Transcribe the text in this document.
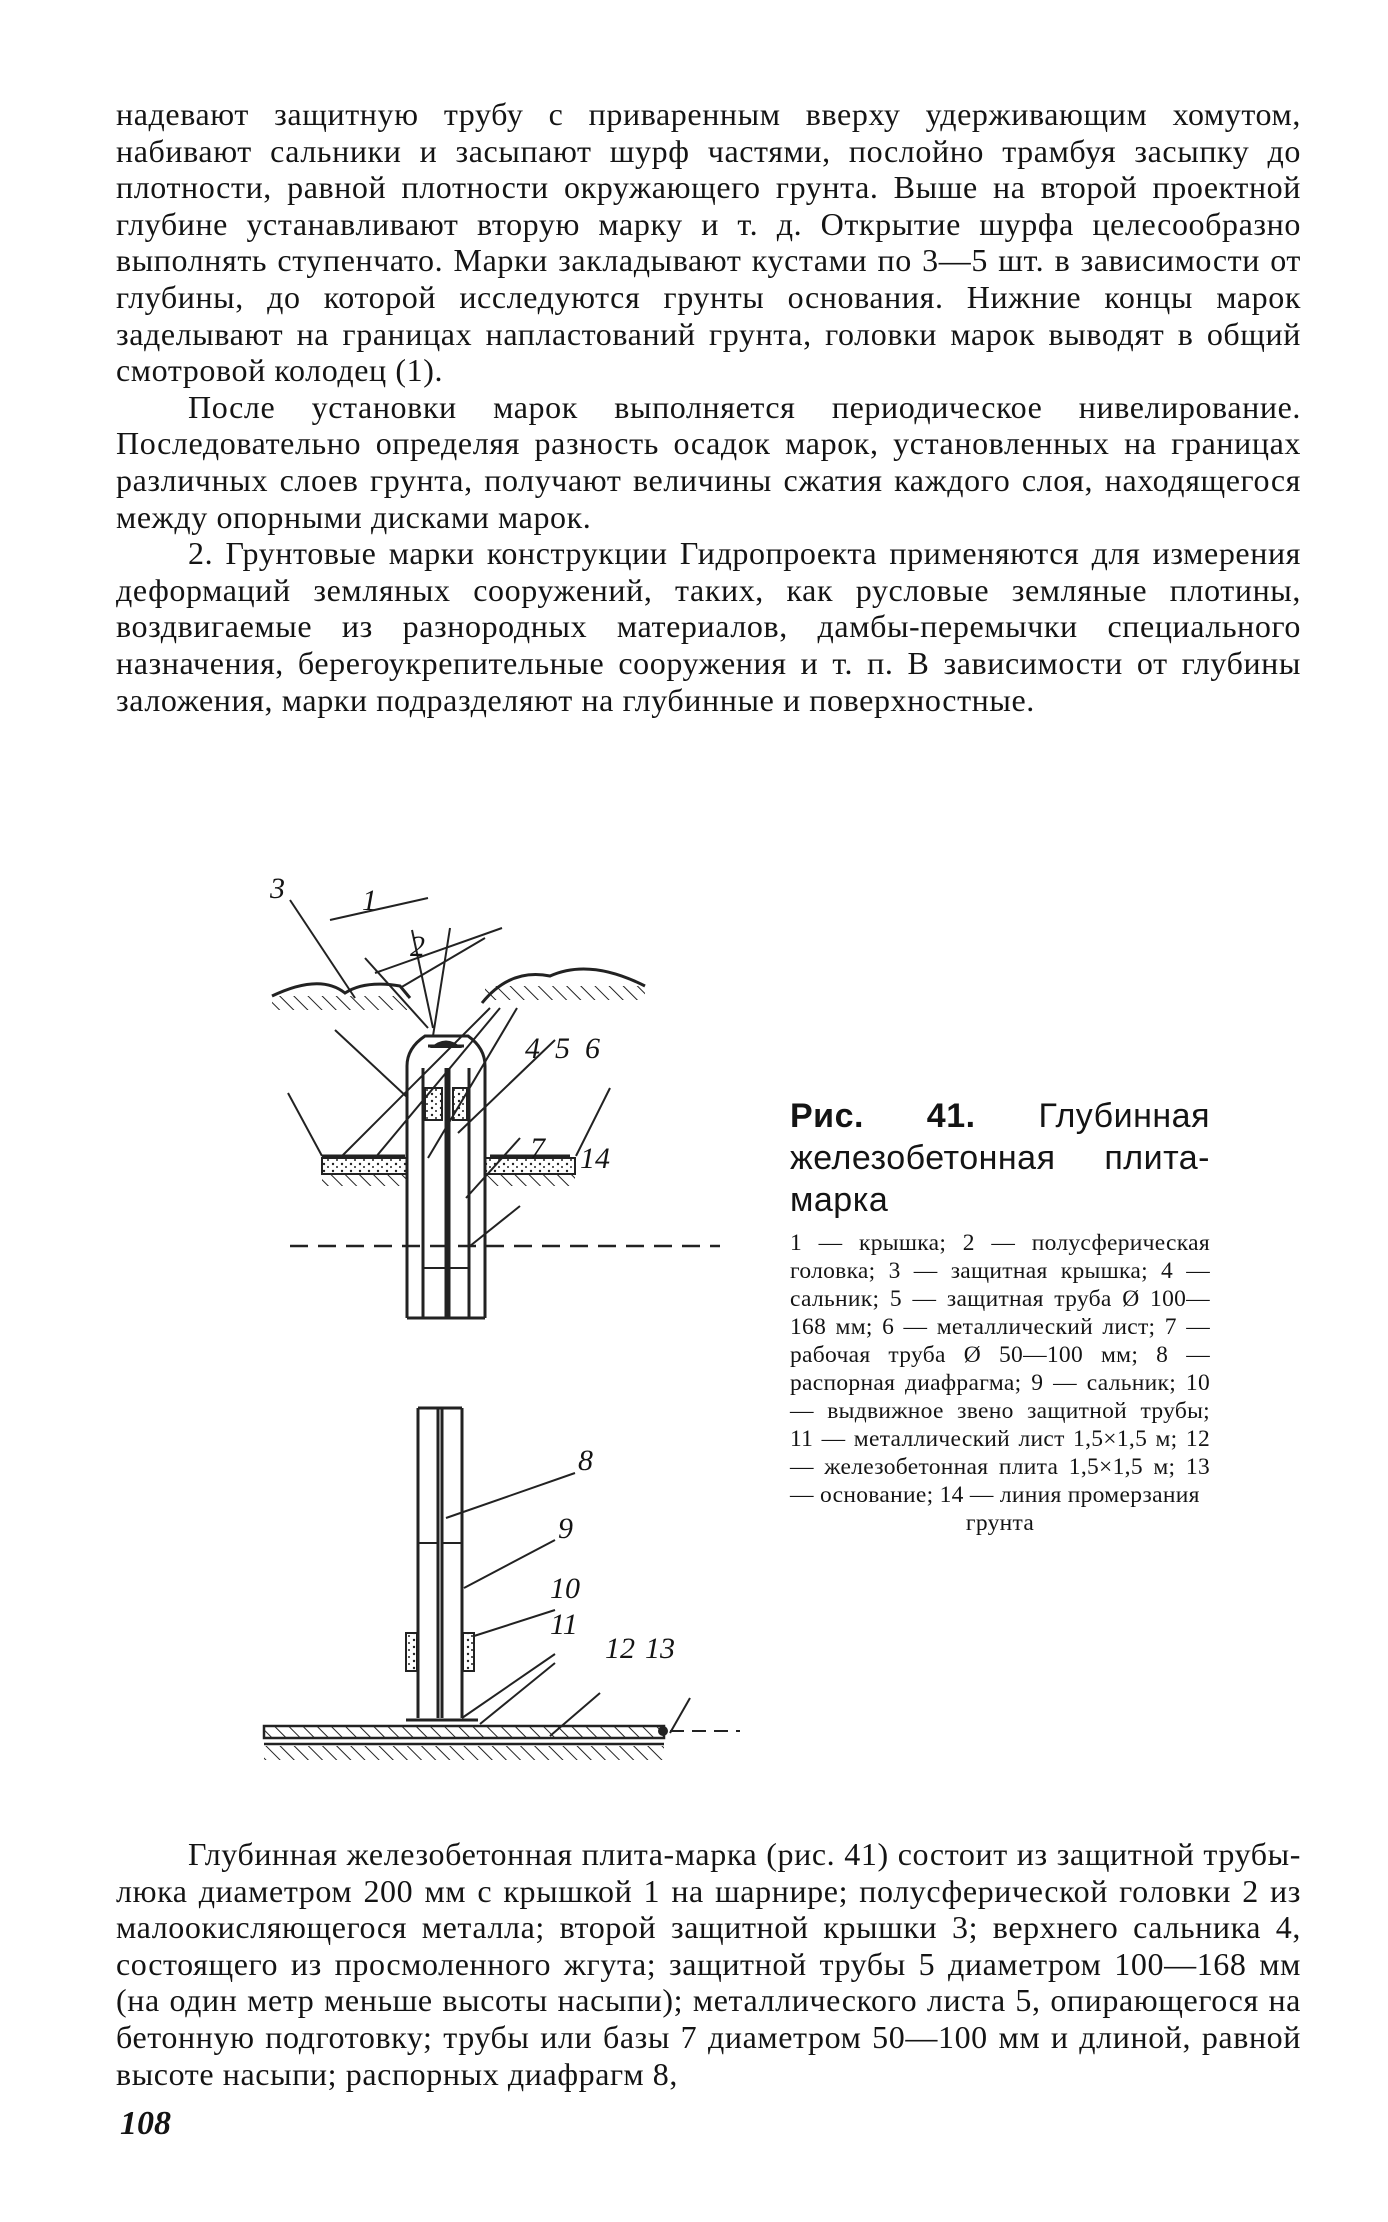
надевают защитную трубу с приваренным вверху удерживающим хомутом, набивают сальники и засыпают шурф частями, послойно трамбуя засыпку до плотности, равной плотности окружающего грунта. Выше на второй проектной глубине устанавливают вторую марку и т. д. Открытие шурфа целесообразно выполнять ступенчато. Марки закладывают кустами по 3—5 шт. в зависимости от глубины, до которой исследуются грунты основания. Нижние концы марок заделывают на границах напластований грунта, головки марок выводят в общий смотровой колодец (1).

После установки марок выполняется периодическое нивелирование. Последовательно определяя разность осадок марок, установленных на границах различных слоев грунта, получают величины сжатия каждого слоя, находящегося между опорными дисками марок.

2. Грунтовые марки конструкции Гидропроекта применяются для измерения деформаций земляных сооружений, таких, как русловые земляные плотины, воздвигаемые из разнородных материалов, дамбы-перемычки специального назначения, берегоукрепительные сооружения и т. п. В зависимости от глубины заложения, марки подразделяют на глубинные и поверхностные.

3	1
2
4 5 6
7 14
8
9
10
11
12 13
Рис. 41. Глубинная железобетонная плита-марка
1 — крышка; 2 — полусферическая головка; 3 — защитная крышка; 4 — сальник; 5 — защитная труба Ø 100—168 мм; 6 — металлический лист; 7 — рабочая труба Ø 50—100 мм; 8 — распорная диафрагма; 9 — сальник; 10 — выдвижное звено защитной трубы; 11 — металлический лист 1,5×1,5 м; 12 — железобетонная плита 1,5×1,5 м; 13 — основание; 14 — линия промерзания
грунта

Глубинная железобетонная плита-марка (рис. 41) состоит из защитной трубы-люка диаметром 200 мм с крышкой 1 на шарнире; полусферической головки 2 из малоокисляющегося металла; второй защитной крышки 3; верхнего сальника 4, состоящего из просмоленного жгута; защитной трубы 5 диаметром 100—168 мм (на один метр меньше высоты насыпи); металлического листа 5, опирающегося на бетонную подготовку; трубы или базы 7 диаметром 50—100 мм и длиной, равной высоте насыпи; распорных диафрагм 8,

108
